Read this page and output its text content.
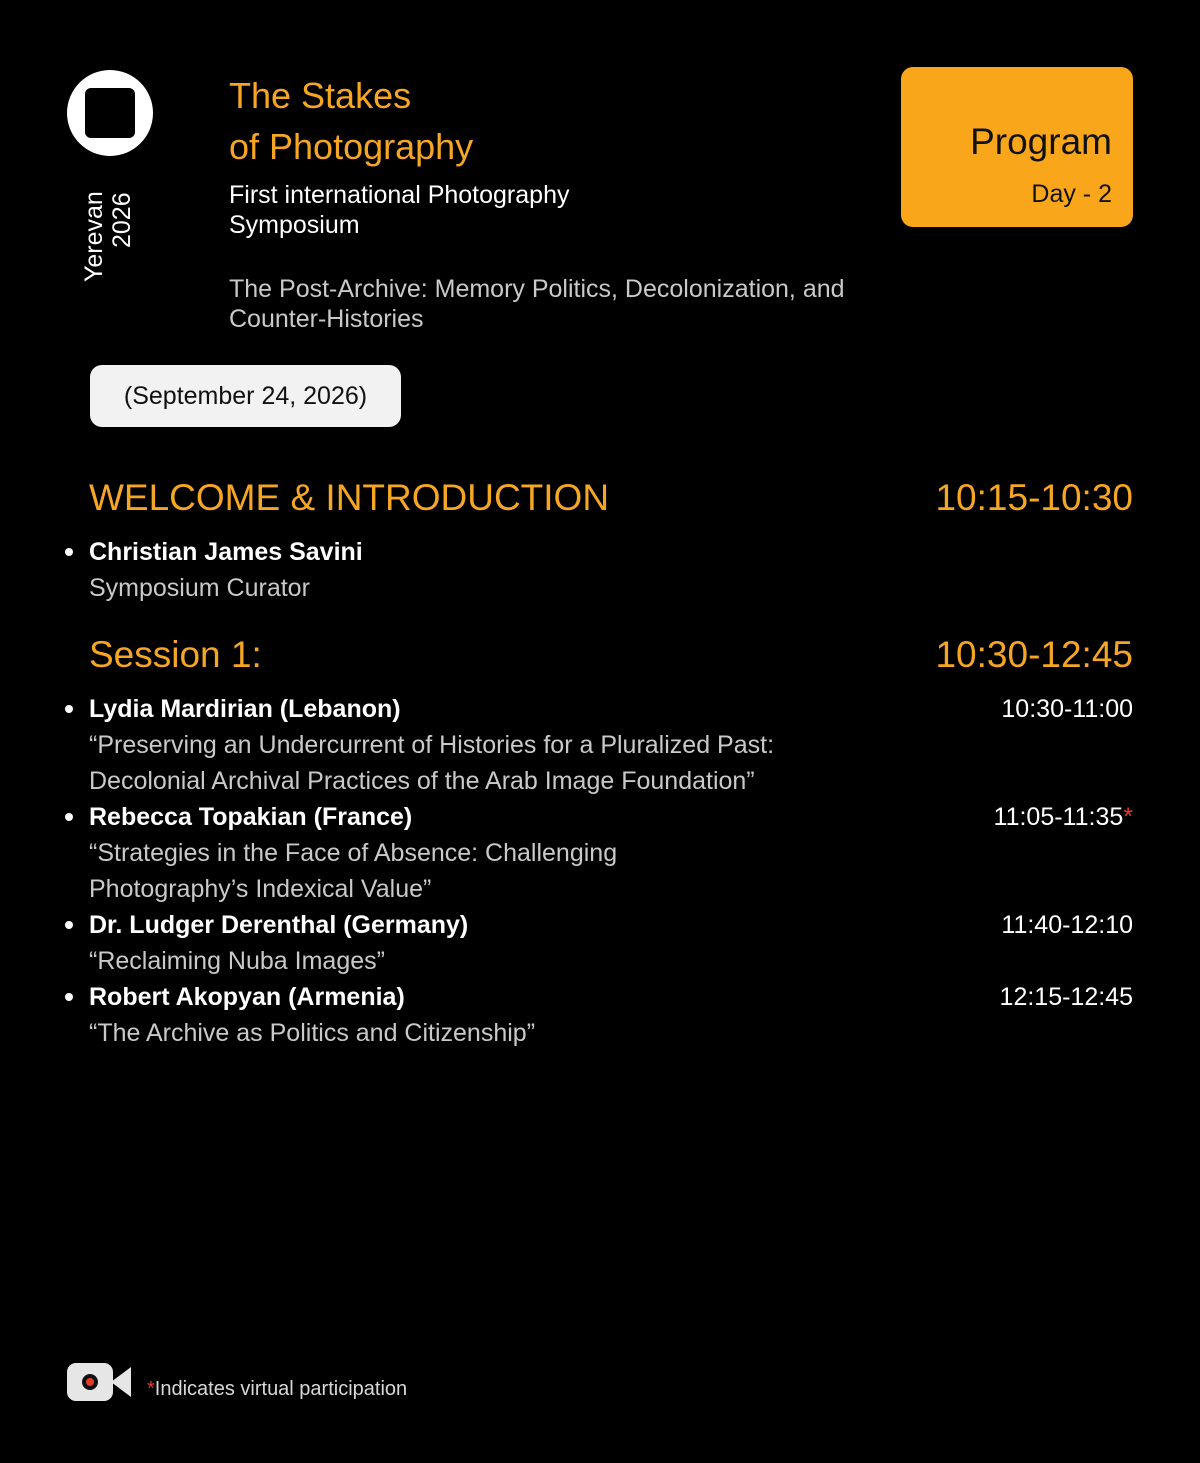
Yerevan 2026
The Stakes
of Photography
First international Photography Symposium
The Post-Archive: Memory Politics, Decolonization, and Counter-Histories
Program
Day - 2
(September 24, 2026)
WELCOME & INTRODUCTION	10:15-10:30
Christian James Savini
Symposium Curator
Session 1:	10:30-12:45
Lydia Mardirian (Lebanon)	10:30-11:00
“Preserving an Undercurrent of Histories for a Pluralized Past:
Decolonial Archival Practices of the Arab Image Foundation”
Rebecca Topakian (France)	11:05-11:35*
“Strategies in the Face of Absence: Challenging
Photography’s Indexical Value”
Dr. Ludger Derenthal (Germany)	11:40-12:10
“Reclaiming Nuba Images”
Robert Akopyan (Armenia)	12:15-12:45
“The Archive as Politics and Citizenship”
*Indicates virtual participation
